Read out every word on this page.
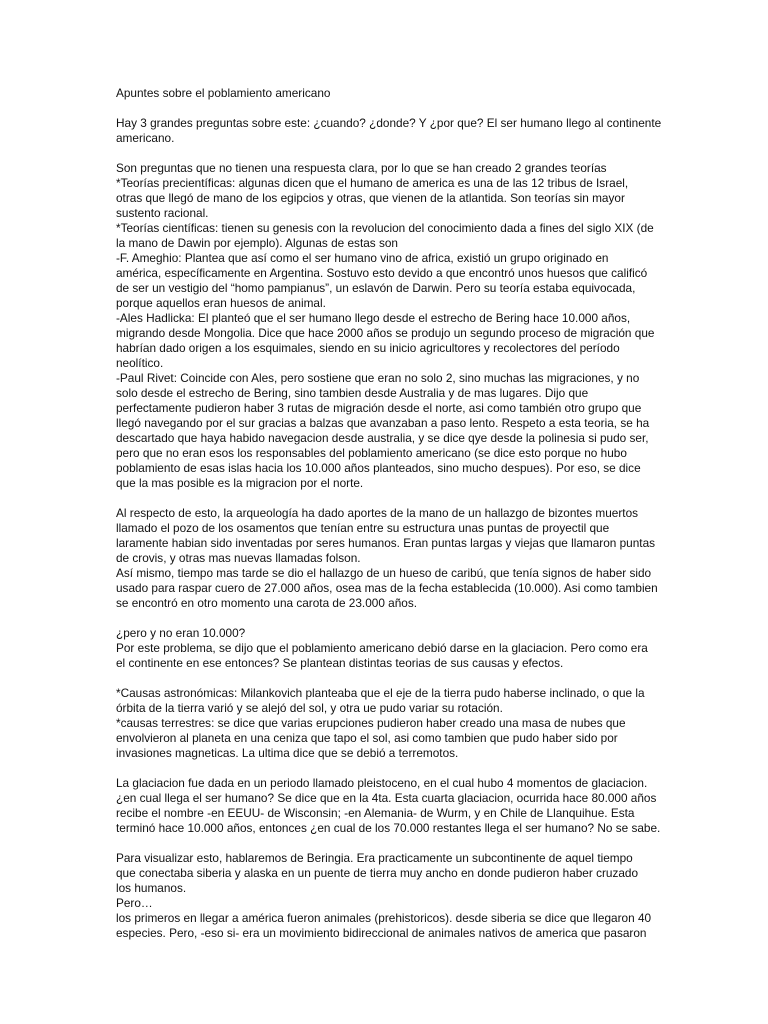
Apuntes sobre el poblamiento americano
Hay 3 grandes preguntas sobre este: ¿cuando? ¿donde? Y ¿por que? El ser humano llego al continente
americano.
Son preguntas que no tienen una respuesta clara, por lo que se han creado 2 grandes teorías
*Teorías precientíficas: algunas dicen que el humano de america es una de las 12 tribus de Israel,
otras que llegó de mano de los egipcios y otras, que vienen de la atlantida. Son teorías sin mayor
sustento racional.
*Teorías científicas: tienen su genesis con la revolucion del conocimiento dada a fines del siglo XIX (de
la mano de Dawin por ejemplo). Algunas de estas son
-F. Ameghio: Plantea que así como el ser humano vino de africa, existió un grupo originado en
américa, específicamente en Argentina. Sostuvo esto devido a que encontró unos huesos que calificó
de ser un vestigio del “homo pampianus”, un eslavón de Darwin. Pero su teoría estaba equivocada,
porque aquellos eran huesos de animal.
-Ales Hadlicka: El planteó que el ser humano llego desde el estrecho de Bering hace 10.000 años,
migrando desde Mongolia. Dice que hace 2000 años se produjo un segundo proceso de migración que
habrían dado origen a los esquimales, siendo en su inicio agricultores y recolectores del período
neolítico.
-Paul Rivet: Coincide con Ales, pero sostiene que eran no solo 2, sino muchas las migraciones, y no
solo desde el estrecho de Bering, sino tambien desde Australia y de mas lugares. Dijo que
perfectamente pudieron haber 3 rutas de migración desde el norte, asi como también otro grupo que
llegó navegando por el sur gracias a balzas que avanzaban a paso lento. Respeto a esta teoria, se ha
descartado que haya habido navegacion desde australia, y se dice qye desde la polinesia si pudo ser,
pero que no eran esos los responsables del poblamiento americano (se dice esto porque no hubo
poblamiento de esas islas hacia los 10.000 años planteados, sino mucho despues). Por eso, se dice
que la mas posible es la migracion por el norte.
Al respecto de esto, la arqueología ha dado aportes de la mano de un hallazgo de bizontes muertos
llamado el pozo de los osamentos que tenían entre su estructura unas puntas de proyectil que
laramente habian sido inventadas por seres humanos. Eran puntas largas y viejas que llamaron puntas
de crovis, y otras mas nuevas llamadas folson.
Así mismo, tiempo mas tarde se dio el hallazgo de un hueso de caribú, que tenía signos de haber sido
usado para raspar cuero de 27.000 años, osea mas de la fecha establecida (10.000). Asi como tambien
se encontró en otro momento una carota de 23.000 años.
¿pero y no eran 10.000?
Por este problema, se dijo que el poblamiento americano debió darse en la glaciacion. Pero como era
el continente en ese entonces? Se plantean distintas teorias de sus causas y efectos.
*Causas astronómicas: Milankovich planteaba que el eje de la tierra pudo haberse inclinado, o que la
órbita de la tierra varió y se alejó del sol, y otra ue pudo variar su rotación.
*causas terrestres: se dice que varias erupciones pudieron haber creado una masa de nubes que
envolvieron al planeta en una ceniza que tapo el sol, asi como tambien que pudo haber sido por
invasiones magneticas. La ultima dice que se debió a terremotos.
La glaciacion fue dada en un periodo llamado pleistoceno, en el cual hubo 4 momentos de glaciacion.
¿en cual llega el ser humano? Se dice que en la 4ta. Esta cuarta glaciacion, ocurrida hace 80.000 años
recibe el nombre -en EEUU- de Wisconsin; -en Alemania- de Wurm, y en Chile de Llanquihue. Esta
terminó hace 10.000 años, entonces ¿en cual de los 70.000 restantes llega el ser humano? No se sabe.
Para visualizar esto, hablaremos de Beringia. Era practicamente un subcontinente de aquel tiempo
que conectaba siberia y alaska en un puente de tierra muy ancho en donde pudieron haber cruzado
los humanos.
Pero…
los primeros en llegar a américa fueron animales (prehistoricos). desde siberia se dice que llegaron 40
especies. Pero, -eso si- era un movimiento bidireccional de animales nativos de america que pasaron
